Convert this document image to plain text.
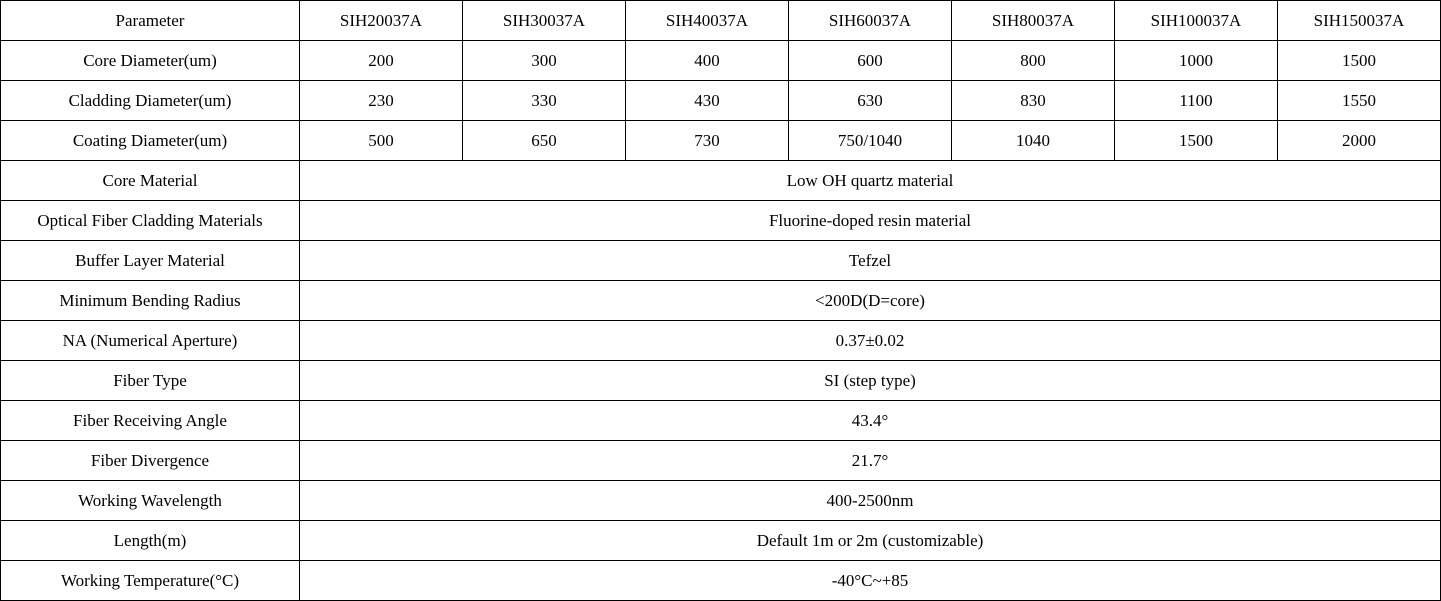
Parameter	SIH20037A	SIH30037A	SIH40037A	SIH60037A	SIH80037A	SIH100037A	SIH150037A
Core Diameter(um)	200	300	400	600	800	1000	1500
Cladding Diameter(um)	230	330	430	630	830	1100	1550
Coating Diameter(um)	500	650	730	750/1040	1040	1500	2000
Core Material	Low OH quartz material						
Optical Fiber Cladding Materials	Fluorine-doped resin material						
Buffer Layer Material	Tefzel						
Minimum Bending Radius	<200D(D=core)						
NA (Numerical Aperture)	0.37±0.02						
Fiber Type	SI (step type)						
Fiber Receiving Angle	43.4°						
Fiber Divergence	21.7°						
Working Wavelength	400-2500nm						
Length(m)	Default 1m or 2m (customizable)						
Working Temperature(°C)	-40°C~+85						
